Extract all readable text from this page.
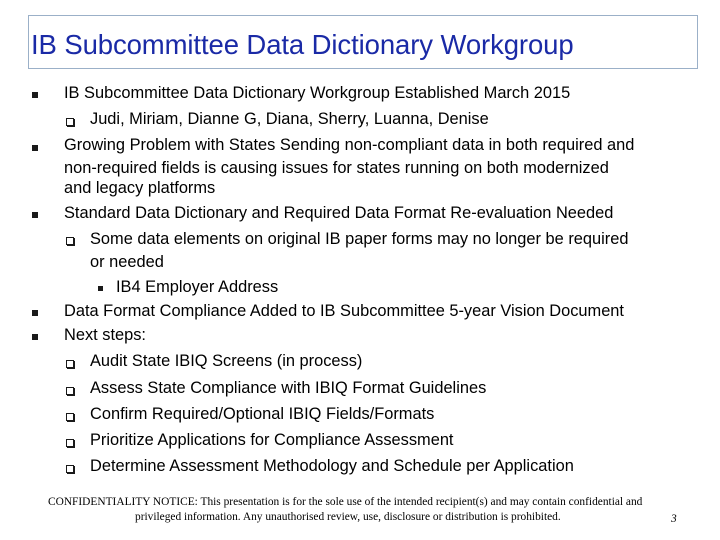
IB Subcommittee Data Dictionary Workgroup
IB Subcommittee Data Dictionary Workgroup Established March 2015
Judi, Miriam, Dianne G, Diana, Sherry, Luanna, Denise
Growing Problem with States Sending non-compliant data in both required and
non-required fields is causing issues for states running on both modernized
and legacy platforms
Standard Data Dictionary and Required Data Format Re-evaluation Needed
Some data elements on original IB paper forms may no longer be required
or needed
IB4 Employer Address
Data Format Compliance Added to IB Subcommittee 5-year Vision Document
Next steps:
Audit State IBIQ Screens (in process)
Assess State Compliance with IBIQ Format Guidelines
Confirm Required/Optional IBIQ Fields/Formats
Prioritize Applications for Compliance Assessment
Determine Assessment Methodology and Schedule per Application
CONFIDENTIALITY NOTICE: This presentation is for the sole use of the intended recipient(s) and may contain confidential and
privileged information. Any unauthorised review, use, disclosure or distribution is prohibited.	3
